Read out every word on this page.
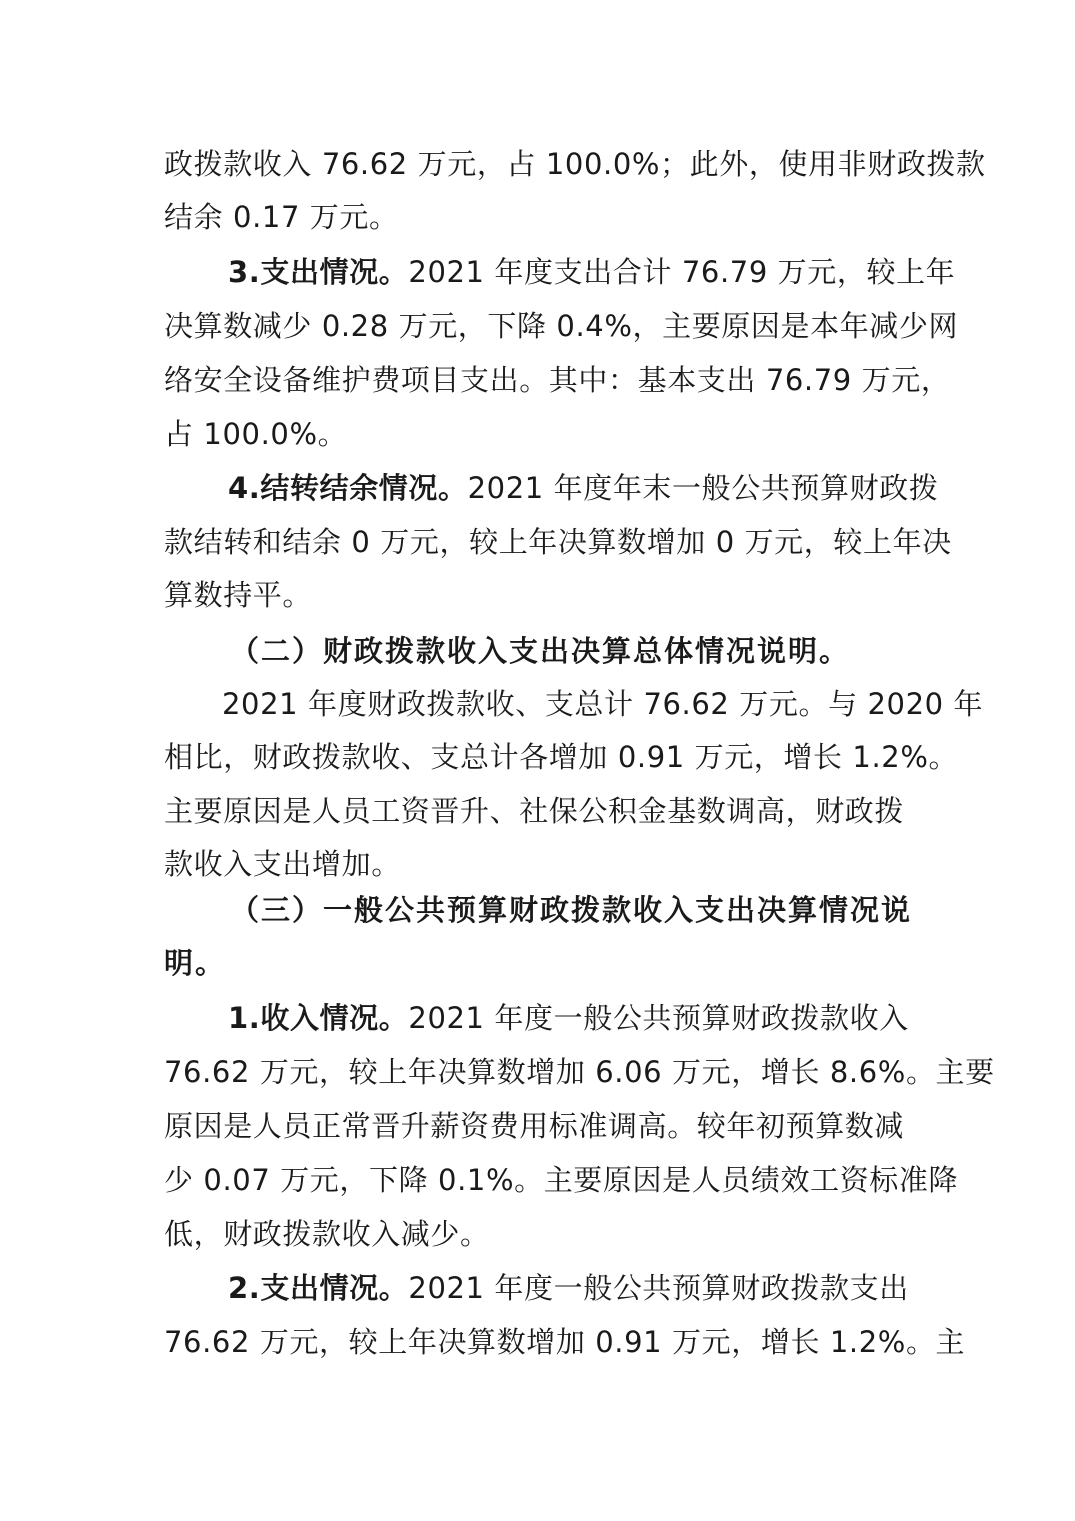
政拨款收入 76.62 万元，占 100.0%；此外，使用非财政拨款
结余 0.17 万元。
3.支出情况。2021 年度支出合计 76.79 万元，较上年
决算数减少 0.28 万元，下降 0.4%，主要原因是本年减少网
络安全设备维护费项目支出。其中：基本支出 76.79 万元，
占 100.0%。
4.结转结余情况。2021 年度年末一般公共预算财政拨
款结转和结余 0 万元，较上年决算数增加 0 万元，较上年决
算数持平。
（二）财政拨款收入支出决算总体情况说明。
2021 年度财政拨款收、支总计 76.62 万元。与 2020 年
相比，财政拨款收、支总计各增加 0.91 万元，增长 1.2%。
主要原因是人员工资晋升、社保公积金基数调高，财政拨
款收入支出增加。
（三）一般公共预算财政拨款收入支出决算情况说
明。
1.收入情况。2021 年度一般公共预算财政拨款收入
76.62 万元，较上年决算数增加 6.06 万元，增长 8.6%。主要
原因是人员正常晋升薪资费用标准调高。较年初预算数减
少 0.07 万元，下降 0.1%。主要原因是人员绩效工资标准降
低，财政拨款收入减少。
2.支出情况。2021 年度一般公共预算财政拨款支出
76.62 万元，较上年决算数增加 0.91 万元，增长 1.2%。主
